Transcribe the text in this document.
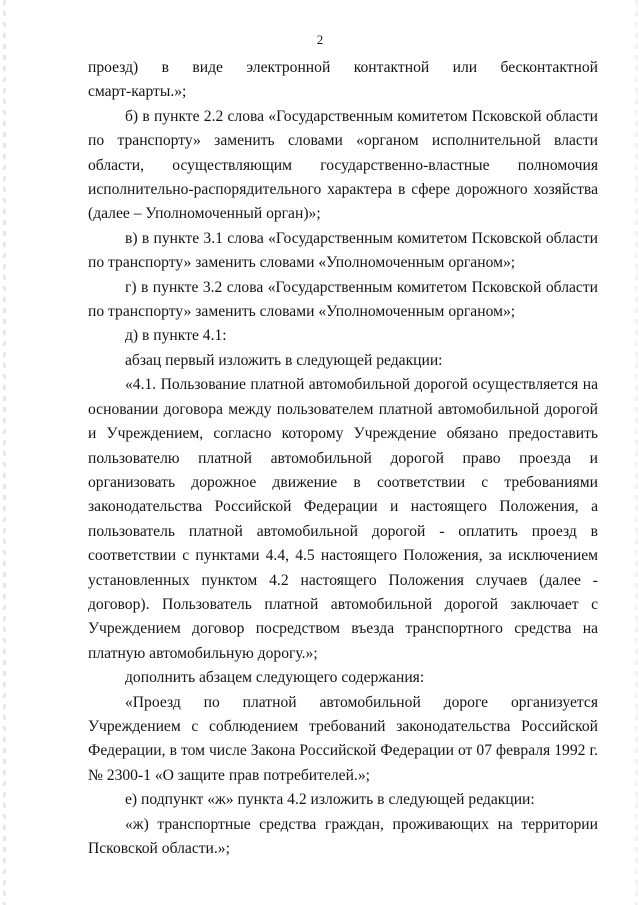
2

проезд) в виде электронной контактной или бесконтактной

смарт-карты.»;

б) в пункте 2.2 слова «Государственным комитетом Псковской области по транспорту» заменить словами «органом исполнительной власти области, осуществляющим государственно-властные полномочия исполнительно-распорядительного характера в сфере дорожного хозяйства (далее – Уполномоченный орган)»;

в) в пункте 3.1 слова «Государственным комитетом Псковской области по транспорту» заменить словами «Уполномоченным органом»;

г) в пункте 3.2 слова «Государственным комитетом Псковской области по транспорту» заменить словами «Уполномоченным органом»;

д) в пункте 4.1:

абзац первый изложить в следующей редакции:

«4.1. Пользование платной автомобильной дорогой осуществляется на основании договора между пользователем платной автомобильной дорогой и Учреждением, согласно которому Учреждение обязано предоставить пользователю платной автомобильной дорогой право проезда и организовать дорожное движение в соответствии с требованиями законодательства Российской Федерации и настоящего Положения, а пользователь платной автомобильной дорогой - оплатить проезд в соответствии с пунктами 4.4, 4.5 настоящего Положения, за исключением установленных пунктом 4.2 настоящего Положения случаев (далее - договор). Пользователь платной автомобильной дорогой заключает с Учреждением договор посредством въезда транспортного средства на платную автомобильную дорогу.»;

дополнить абзацем следующего содержания:

«Проезд по платной автомобильной дороге организуется Учреждением с соблюдением требований законодательства Российской Федерации, в том числе Закона Российской Федерации от 07 февраля 1992 г. № 2300-1 «О защите прав потребителей.»;

е) подпункт «ж» пункта 4.2 изложить в следующей редакции:

«ж) транспортные средства граждан, проживающих на территории Псковской области.»;
